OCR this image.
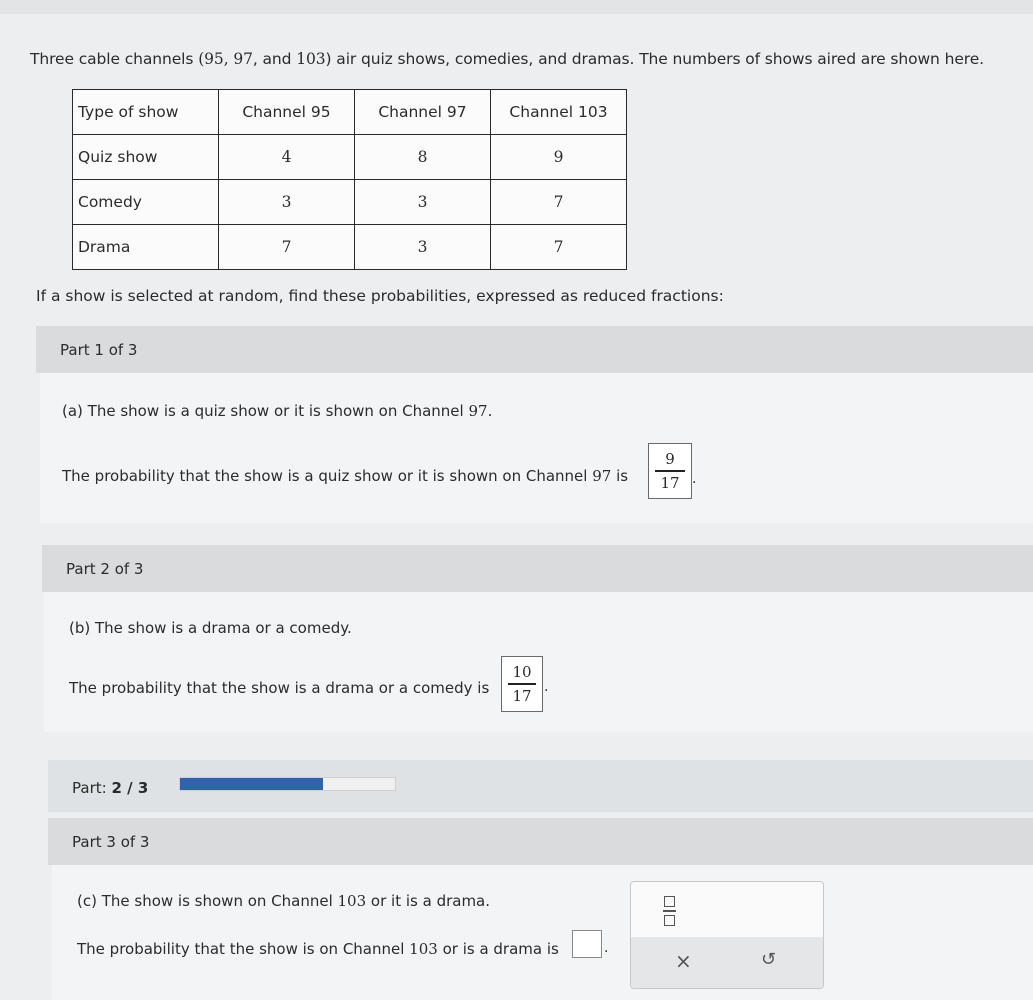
Three cable channels (95, 97, and 103) air quiz shows, comedies, and dramas. The numbers of shows aired are shown here.
Type of show	Channel 95	Channel 97	Channel 103
Quiz show	4	8	9
Comedy	3	3	7
Drama	7	3	7
If a show is selected at random, find these probabilities, expressed as reduced fractions:
Part 1 of 3
(a) The show is a quiz show or it is shown on Channel 97.
The probability that the show is a quiz show or it is shown on Channel 97 is
9
17 .
Part 2 of 3
(b) The show is a drama or a comedy.
The probability that the show is a drama or a comedy is
10
17 .
Part: 2 / 3
Part 3 of 3
(c) The show is shown on Channel 103 or it is a drama.
The probability that the show is on Channel 103 or is a drama is	.
×	↺
